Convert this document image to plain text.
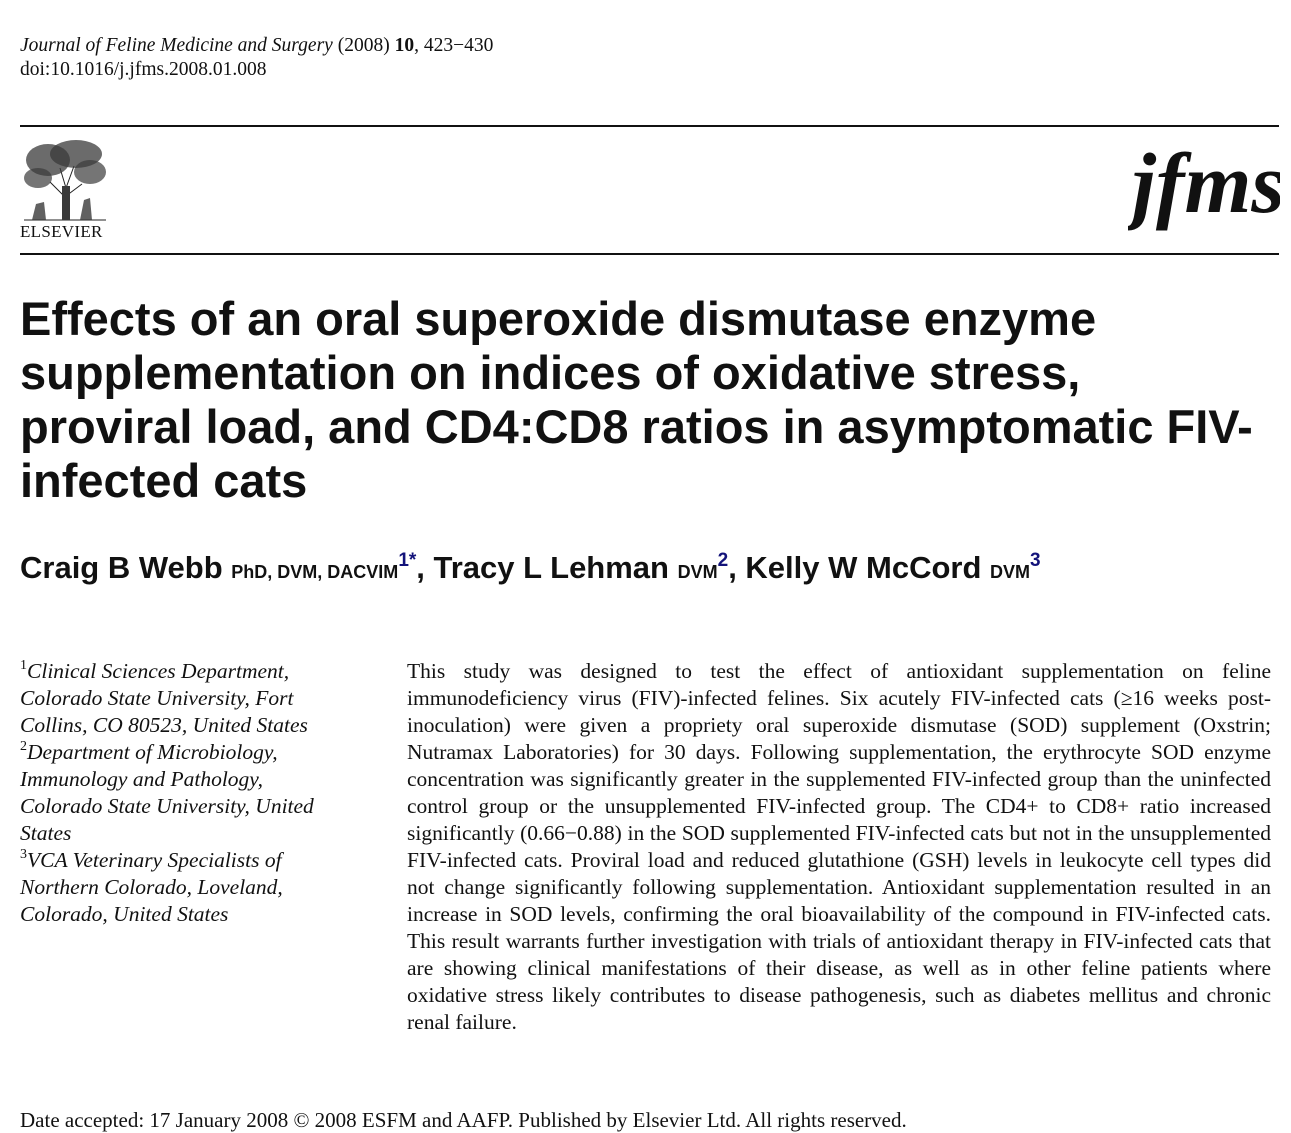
Journal of Feline Medicine and Surgery (2008) 10, 423−430
doi:10.1016/j.jfms.2008.01.008
ELSEVIER
jfms
Effects of an oral superoxide dismutase enzyme supplementation on indices of oxidative stress, proviral load, and CD4:CD8 ratios in asymptomatic FIV-infected cats
Craig B Webb PhD, DVM, $DACVIM^{1*}$, Tracy L Lehman DVM$^2$, Kelly W McCord DVM$^3$
$^1$Clinical Sciences Department,
Colorado State University, Fort
Collins, CO 80523, United States
$^2$Department of Microbiology,
Immunology and Pathology,
Colorado State University, United
States
$^3$VCA Veterinary Specialists of
Northern Colorado, Loveland,
Colorado, United States
This study was designed to test the effect of antioxidant supplementation on feline immunodeficiency virus (FIV)-infected felines. Six acutely FIV-infected cats (≥16 weeks post-inoculation) were given a propriety oral superoxide dismutase (SOD) supplement (Oxstrin; Nutramax Laboratories) for 30 days. Following supplementation, the erythrocyte SOD enzyme concentration was significantly greater in the supplemented FIV-infected group than the uninfected control group or the unsupplemented FIV-infected group. The CD4+ to CD8+ ratio increased significantly (0.66−0.88) in the SOD supplemented FIV-infected cats but not in the unsupplemented FIV-infected cats. Proviral load and reduced glutathione (GSH) levels in leukocyte cell types did not change significantly following supplementation. Antioxidant supplementation resulted in an increase in SOD levels, confirming the oral bioavailability of the compound in FIV-infected cats. This result warrants further investigation with trials of antioxidant therapy in FIV-infected cats that are showing clinical manifestations of their disease, as well as in other feline patients where oxidative stress likely contributes to disease pathogenesis, such as diabetes mellitus and chronic renal failure.
Date accepted: 17 January 2008 © 2008 ESFM and AAFP. Published by Elsevier Ltd. All rights reserved.
